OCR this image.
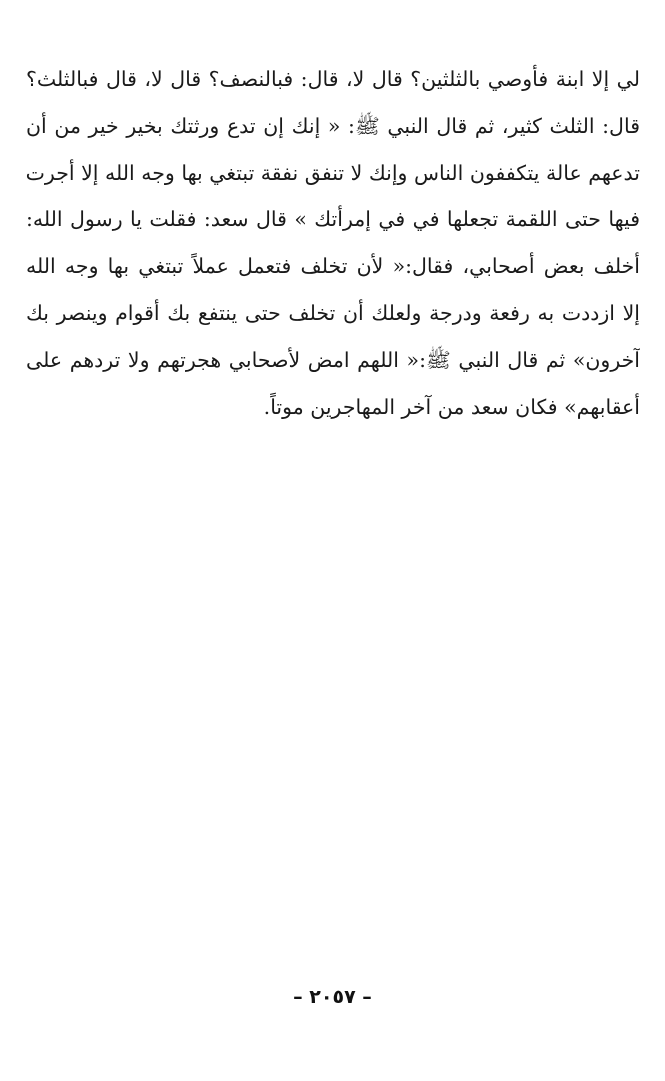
لي إلا ابنة فأوصي بالثلثين؟ قال لا، قال: فبالنصف؟ قال لا، قال فبالثلث؟
قال: الثلث كثير، ثم قال النبي ﷺ: « إنك إن تدع ورثتك بخير خير من أن
تدعهم عالة يتكففون الناس وإنك لا تنفق نفقة تبتغي بها وجه الله إلا أجرت
فيها حتى اللقمة تجعلها في في إمرأتك » قال سعد: فقلت يا رسول الله:
أخلف بعض أصحابي، فقال:« لأن تخلف فتعمل عملاً تبتغي بها وجه الله
إلا ازددت به رفعة ودرجة ولعلك أن تخلف حتى ينتفع بك أقوام وينصر بك
آخرون» ثم قال النبي ﷺ:« اللهم امض لأصحابي هجرتهم ولا تردهم على
أعقابهم» فكان سعد من آخر المهاجرين موتاً.
– ٢٠٥٧ –
